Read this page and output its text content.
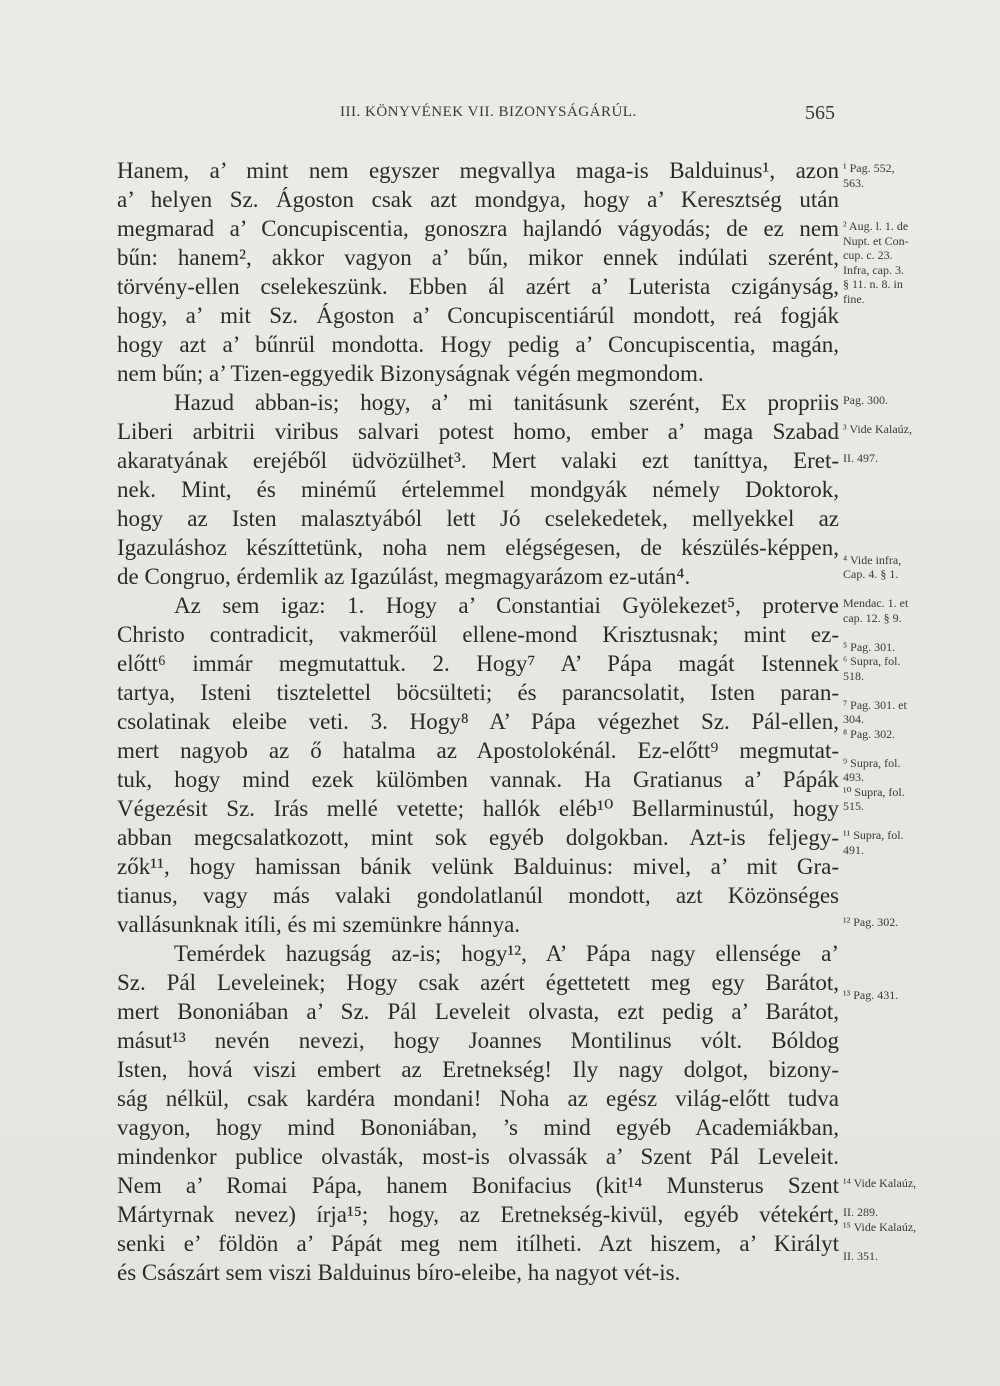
III. KÖNYVÉNEK VII. BIZONYSÁGÁRÚL.	565
Hanem, a’ mint nem egyszer megvallya maga-is Balduinus¹, azon
a’ helyen Sz. Ágoston csak azt mondgya, hogy a’ Keresztség után
megmarad a’ Concupiscentia, gonoszra hajlandó vágyodás; de ez nem
bűn: hanem², akkor vagyon a’ bűn, mikor ennek indúlati szerént,
törvény-ellen cselekeszünk. Ebben ál azért a’ Luterista czigányság,
hogy, a’ mit Sz. Ágoston a’ Concupiscentiárúl mondott, reá fogják
hogy azt a’ bűnrül mondotta. Hogy pedig a’ Concupiscentia, magán,
nem bűn; a’ Tizen-eggyedik Bizonyságnak végén megmondom.
Hazud abban-is; hogy, a’ mi tanitásunk szerént, Ex propriis
Liberi arbitrii viribus salvari potest homo, ember a’ maga Szabad
akaratyának erejéből üdvözülhet³. Mert valaki ezt taníttya, Eret-
nek. Mint, és minémű értelemmel mondgyák némely Doktorok,
hogy az Isten malasztyából lett Jó cselekedetek, mellyekkel az
Igazuláshoz készíttetünk, noha nem elégségesen, de készülés-képpen,
de Congruo, érdemlik az Igazúlást, megmagyarázom ez-után⁴.
Az sem igaz: 1. Hogy a’ Constantiai Gyölekezet⁵, proterve
Christo contradicit, vakmerőül ellene-mond Krisztusnak; mint ez-
előtt⁶ immár megmutattuk. 2. Hogy⁷ A’ Pápa magát Istennek
tartya, Isteni tisztelettel böcsülteti; és parancsolatit, Isten paran-
csolatinak eleibe veti. 3. Hogy⁸ A’ Pápa végezhet Sz. Pál-ellen,
mert nagyob az ő hatalma az Apostolokénál. Ez-előtt⁹ megmutat-
tuk, hogy mind ezek külömben vannak. Ha Gratianus a’ Pápák
Végezésit Sz. Irás mellé vetette; hallók eléb¹⁰ Bellarminustúl, hogy
abban megcsalatkozott, mint sok egyéb dolgokban. Azt-is feljegy-
zők¹¹, hogy hamissan bánik velünk Balduinus: mivel, a’ mit Gra-
tianus, vagy más valaki gondolatlanúl mondott, azt Közönséges
vallásunknak itíli, és mi szemünkre hánnya.
Temérdek hazugság az-is; hogy¹², A’ Pápa nagy ellensége a’
Sz. Pál Leveleinek; Hogy csak azért égettetett meg egy Barátot,
mert Bononiában a’ Sz. Pál Leveleit olvasta, ezt pedig a’ Barátot,
másut¹³ nevén nevezi, hogy Joannes Montilinus vólt. Bóldog
Isten, hová viszi embert az Eretnekség! Ily nagy dolgot, bizony-
ság nélkül, csak kardéra mondani! Noha az egész világ-előtt tudva
vagyon, hogy mind Bononiában, ’s mind egyéb Academiákban,
mindenkor publice olvasták, most-is olvassák a’ Szent Pál Leveleit.
Nem a’ Romai Pápa, hanem Bonifacius (kit¹⁴ Munsterus Szent
Mártyrnak nevez) írja¹⁵; hogy, az Eretnekség-kivül, egyéb vétekért,
senki e’ földön a’ Pápát meg nem itílheti. Azt hiszem, a’ Királyt
és Császárt sem viszi Balduinus bíro-eleibe, ha nagyot vét-is.
¹ Pag. 552,
563.
² Aug. l. 1. de
Nupt. et Con-
cup. c. 23.
Infra, cap. 3.
§ 11. n. 8. in
fine.
Pag. 300.
³ Vide Kalaúz,
II. 497.
⁴ Vide infra,
Cap. 4. § 1.
Mendac. 1. et
cap. 12. § 9.
⁵ Pag. 301.
⁶ Supra, fol.
518.
⁷ Pag. 301. et
304.
⁸ Pag. 302.
⁹ Supra, fol.
493.
¹⁰ Supra, fol.
515.
¹¹ Supra, fol.
491.
¹² Pag. 302.
¹³ Pag. 431.
¹⁴ Vide Kalaúz,
II. 289.
¹⁵ Vide Kalaúz,
II. 351.
